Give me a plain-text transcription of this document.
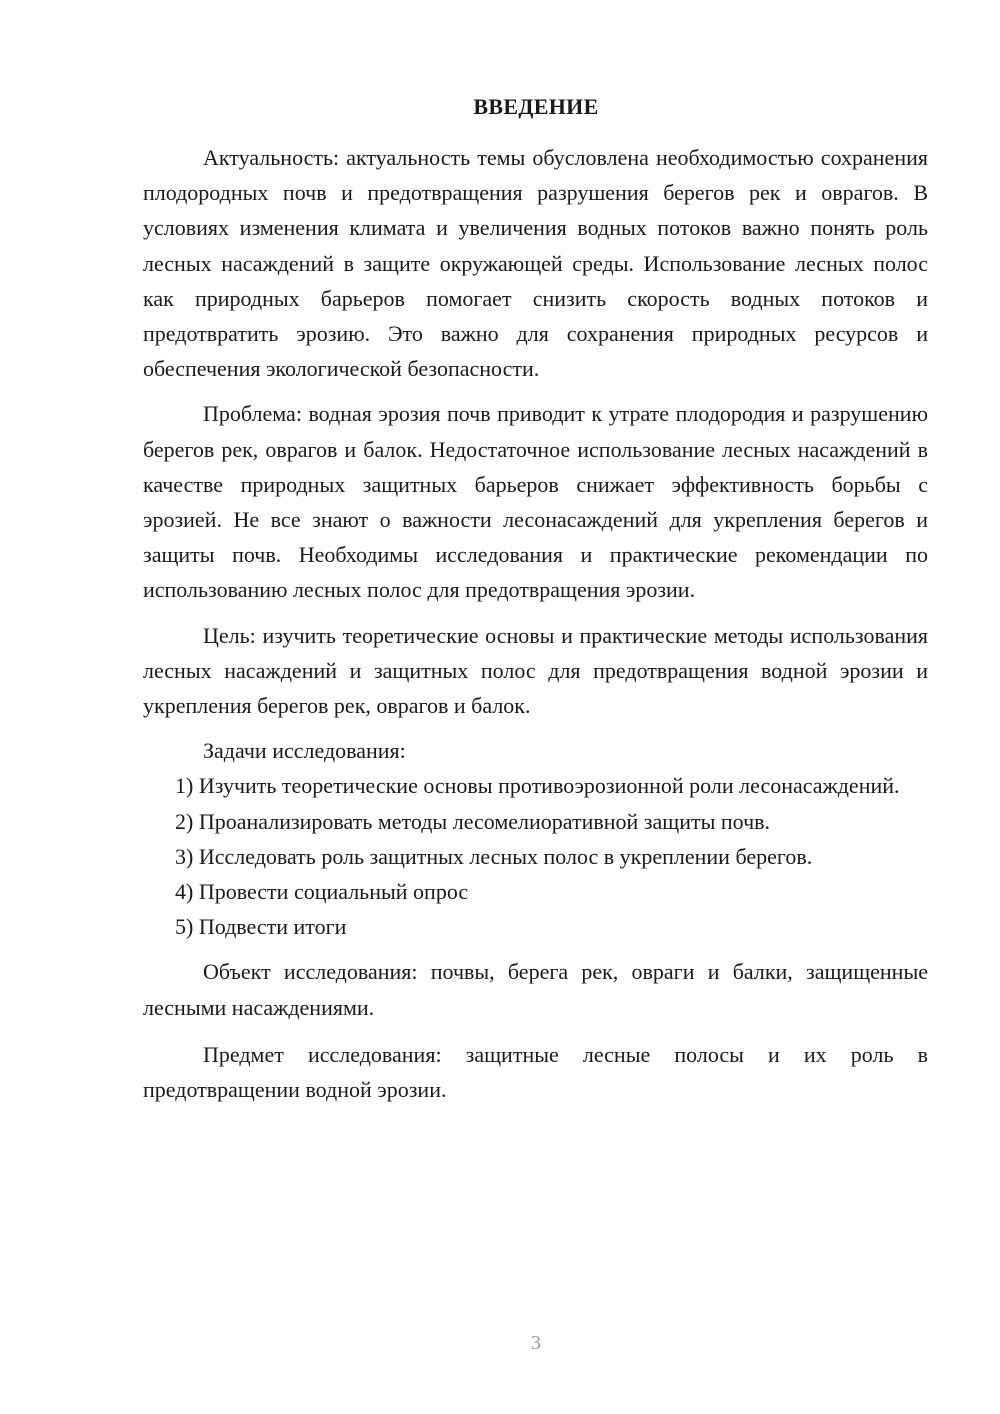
ВВЕДЕНИЕ

Актуальность: актуальность темы обусловлена необходимостью сохранения плодородных почв и предотвращения разрушения берегов рек и оврагов. В условиях изменения климата и увеличения водных потоков важно понять роль лесных насаждений в защите окружающей среды. Использование лесных полос как природных барьеров помогает снизить скорость водных потоков и предотвратить эрозию. Это важно для сохранения природных ресурсов и обеспечения экологической безопасности.

Проблема: водная эрозия почв приводит к утрате плодородия и разрушению берегов рек, оврагов и балок. Недостаточное использование лесных насаждений в качестве природных защитных барьеров снижает эффективность борьбы с эрозией. Не все знают о важности лесонасаждений для укрепления берегов и защиты почв. Необходимы исследования и практические рекомендации по использованию лесных полос для предотвращения эрозии.

Цель: изучить теоретические основы и практические методы использования лесных насаждений и защитных полос для предотвращения водной эрозии и укрепления берегов рек, оврагов и балок.

Задачи исследования:

1) Изучить теоретические основы противоэрозионной роли лесонасаждений.

2) Проанализировать методы лесомелиоративной защиты почв.

3) Исследовать роль защитных лесных полос в укреплении берегов.

4) Провести социальный опрос

5) Подвести итоги

Объект исследования: почвы, берега рек, овраги и балки, защищенные лесными насаждениями.

Предмет исследования: защитные лесные полосы и их роль в предотвращении водной эрозии.

3
